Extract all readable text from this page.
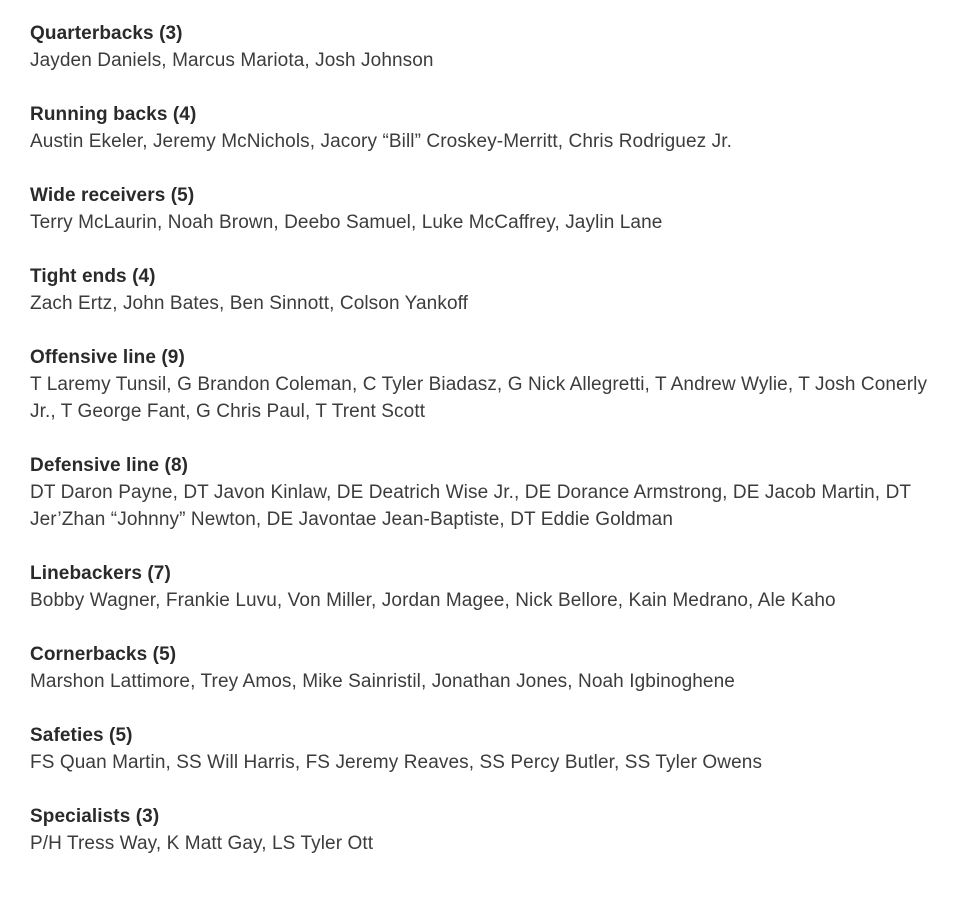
Quarterbacks (3)
Jayden Daniels, Marcus Mariota, Josh Johnson
Running backs (4)
Austin Ekeler, Jeremy McNichols, Jacory “Bill” Croskey-Merritt, Chris Rodriguez Jr.
Wide receivers (5)
Terry McLaurin, Noah Brown, Deebo Samuel, Luke McCaffrey, Jaylin Lane
Tight ends (4)
Zach Ertz, John Bates, Ben Sinnott, Colson Yankoff
Offensive line (9)
T Laremy Tunsil, G Brandon Coleman, C Tyler Biadasz, G Nick Allegretti, T Andrew Wylie, T Josh Conerly Jr., T George Fant, G Chris Paul, T Trent Scott
Defensive line (8)
DT Daron Payne, DT Javon Kinlaw, DE Deatrich Wise Jr., DE Dorance Armstrong, DE Jacob Martin, DT Jer’Zhan “Johnny” Newton, DE Javontae Jean-Baptiste, DT Eddie Goldman
Linebackers (7)
Bobby Wagner, Frankie Luvu, Von Miller, Jordan Magee, Nick Bellore, Kain Medrano, Ale Kaho
Cornerbacks (5)
Marshon Lattimore, Trey Amos, Mike Sainristil, Jonathan Jones, Noah Igbinoghene
Safeties (5)
FS Quan Martin, SS Will Harris, FS Jeremy Reaves, SS Percy Butler, SS Tyler Owens
Specialists (3)
P/H Tress Way, K Matt Gay, LS Tyler Ott
